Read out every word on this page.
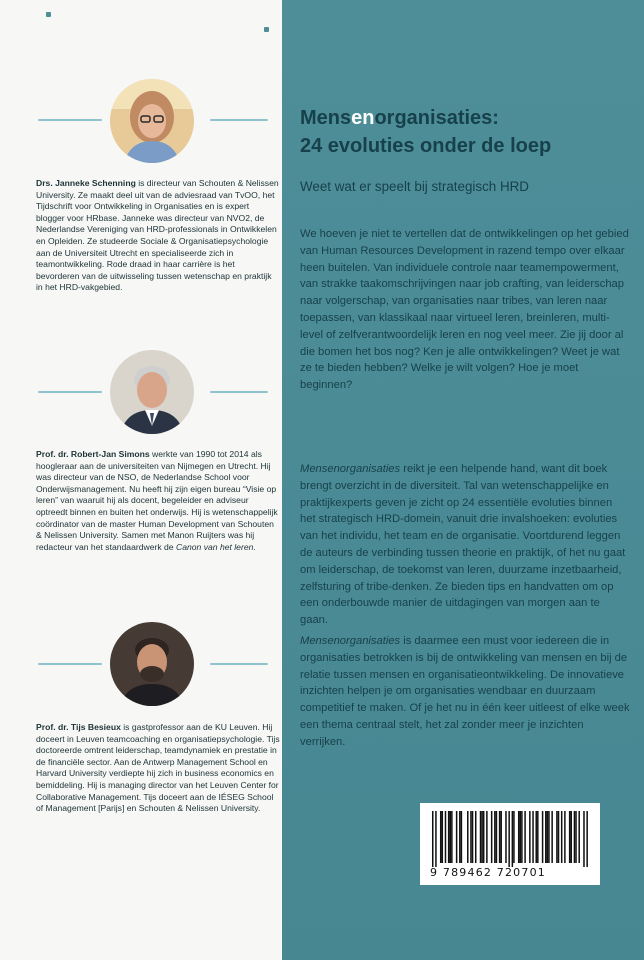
Drs. Janneke Schenning is directeur van Schouten & Nelissen University. Ze maakt deel uit van de adviesraad van TvOO, het Tijdschrift voor Ontwikkeling in Organisaties en is expert blogger voor HRbase. Janneke was directeur van NVO2, de Nederlandse Vereniging van HRD-professionals in Ontwikkelen en Opleiden. Ze studeerde Sociale & Organisatiepsychologie aan de Universiteit Utrecht en specialiseerde zich in teamontwikkeling. Rode draad in haar carrière is het bevorderen van de uitwisseling tussen wetenschap en praktijk in het HRD-vakgebied.
Prof. dr. Robert-Jan Simons werkte van 1990 tot 2014 als hoogleraar aan de universiteiten van Nijmegen en Utrecht. Hij was directeur van de NSO, de Nederlandse School voor Onderwijsmanagement. Nu heeft hij zijn eigen bureau “Visie op leren” van waaruit hij als docent, begeleider en adviseur optreedt binnen en buiten het onderwijs. Hij is wetenschappelijk coördinator van de master Human Development van Schouten & Nelissen University. Samen met Manon Ruijters was hij redacteur van het standaardwerk de Canon van het leren.
Prof. dr. Tijs Besieux is gastprofessor aan de KU Leuven. Hij doceert in Leuven teamcoaching en organisatiepsychologie. Tijs doctoreerde omtrent leiderschap, teamdynamiek en prestatie in de financiële sector. Aan de Antwerp Management School en Harvard University verdiepte hij zich in business economics en bemiddeling. Hij is managing director van het Leuven Center for Collaborative Management. Tijs doceert aan de IÉSEG School of Management [Parijs] en Schouten & Nelissen University.
Mensenorganisaties:
24 evoluties onder de loep
Weet wat er speelt bij strategisch HRD

We hoeven je niet te vertellen dat de ontwikkelingen op het gebied van Human Resources Development in razend tempo over elkaar heen buitelen. Van individuele controle naar teamempowerment, van strakke taakomschrijvingen naar job crafting, van leiderschap naar volgerschap, van organisaties naar tribes, van leren naar toepassen, van klassikaal naar virtueel leren, breinleren, multi-level of zelfverantwoordelijk leren en nog veel meer. Zie jij door al die bomen het bos nog? Ken je alle ontwikkelingen? Weet je wat ze te bieden hebben? Welke je wilt volgen? Hoe je moet beginnen?

Mensenorganisaties reikt je een helpende hand, want dit boek brengt overzicht in de diversiteit. Tal van wetenschappelijke en praktijkexperts geven je zicht op 24 essentiële evoluties binnen het strategisch HRD-domein, vanuit drie invalshoeken: evoluties van het individu, het team en de organisatie. Voortdurend leggen de auteurs de verbinding tussen theorie en praktijk, of het nu gaat om leiderschap, de toekomst van leren, duurzame inzetbaarheid, zelfsturing of tribe-denken. Ze bieden tips en handvatten om op een onderbouwde manier de uitdagingen van morgen aan te gaan.

Mensenorganisaties is daarmee een must voor iedereen die in organisaties betrokken is bij de ontwikkeling van mensen en bij de relatie tussen mensen en organisatieontwikkeling. De innovatieve inzichten helpen je om organisaties wendbaar en duurzaam competitief te maken. Of je het nu in één keer uitleest of elke week een thema centraal stelt, het zal zonder meer je inzichten verrijken.

9 789462 720701
